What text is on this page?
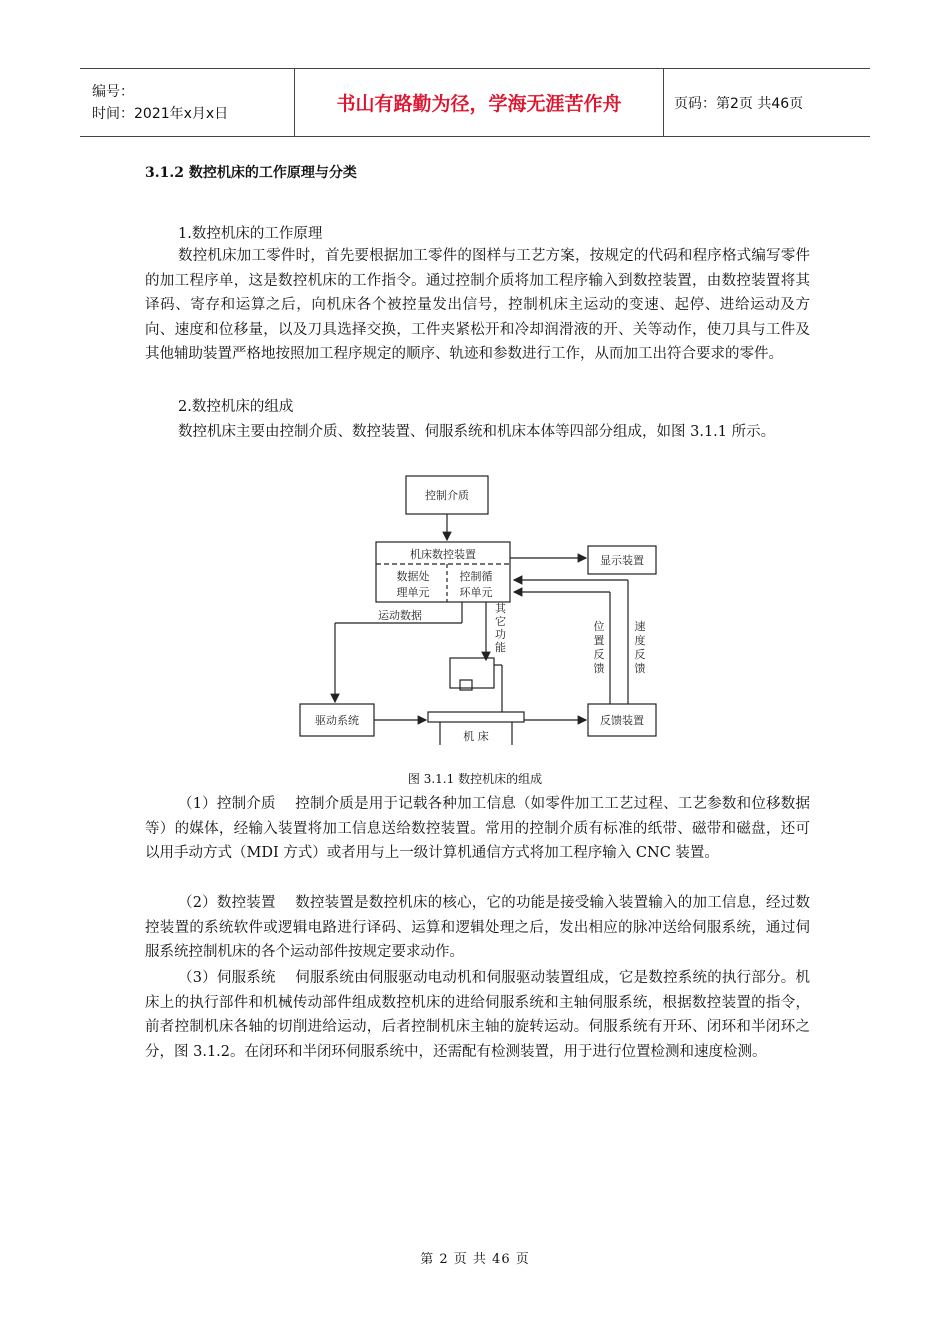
编号：
时间：2021年x月x日	书山有路勤为径，学海无涯苦作舟	页码：第2页 共46页
3.1.2 数控机床的工作原理与分类
1.数控机床的工作原理

数控机床加工零件时，首先要根据加工零件的图样与工艺方案，按规定的代码和程序格式编写零件的加工程序单，这是数控机床的工作指令。通过控制介质将加工程序输入到数控装置，由数控装置将其译码、寄存和运算之后，向机床各个被控量发出信号，控制机床主运动的变速、起停、进给运动及方向、速度和位移量，以及刀具选择交换，工件夹紧松开和冷却润滑液的开、关等动作，使刀具与工件及其他辅助装置严格地按照加工程序规定的顺序、轨迹和参数进行工作，从而加工出符合要求的零件。

2.数控机床的组成

数控机床主要由控制介质、数控装置、伺服系统和机床本体等四部分组成，如图 3.1.1 所示。

控制介质
机床数控装置
数据处
理单元
控制循
环单元
显示装置
运动数据
其
它
功
能
位
置
反
馈
速
度
反
馈
驱动系统	反馈装置
机 床
图 3.1.1 数控机床的组成

（1）控制介质　 控制介质是用于记载各种加工信息（如零件加工工艺过程、工艺参数和位移数据等）的媒体，经输入装置将加工信息送给数控装置。常用的控制介质有标准的纸带、磁带和磁盘，还可以用手动方式（MDI 方式）或者用与上一级计算机通信方式将加工程序输入 CNC 装置。

（2）数控装置　 数控装置是数控机床的核心，它的功能是接受输入装置输入的加工信息，经过数控装置的系统软件或逻辑电路进行译码、运算和逻辑处理之后，发出相应的脉冲送给伺服系统，通过伺服系统控制机床的各个运动部件按规定要求动作。

（3）伺服系统　 伺服系统由伺服驱动电动机和伺服驱动装置组成，它是数控系统的执行部分。机床上的执行部件和机械传动部件组成数控机床的进给伺服系统和主轴伺服系统，根据数控装置的指令，前者控制机床各轴的切削进给运动，后者控制机床主轴的旋转运动。伺服系统有开环、闭环和半闭环之分，图 3.1.2。在闭环和半闭环伺服系统中，还需配有检测装置，用于进行位置检测和速度检测。

第 2 页 共 46 页
